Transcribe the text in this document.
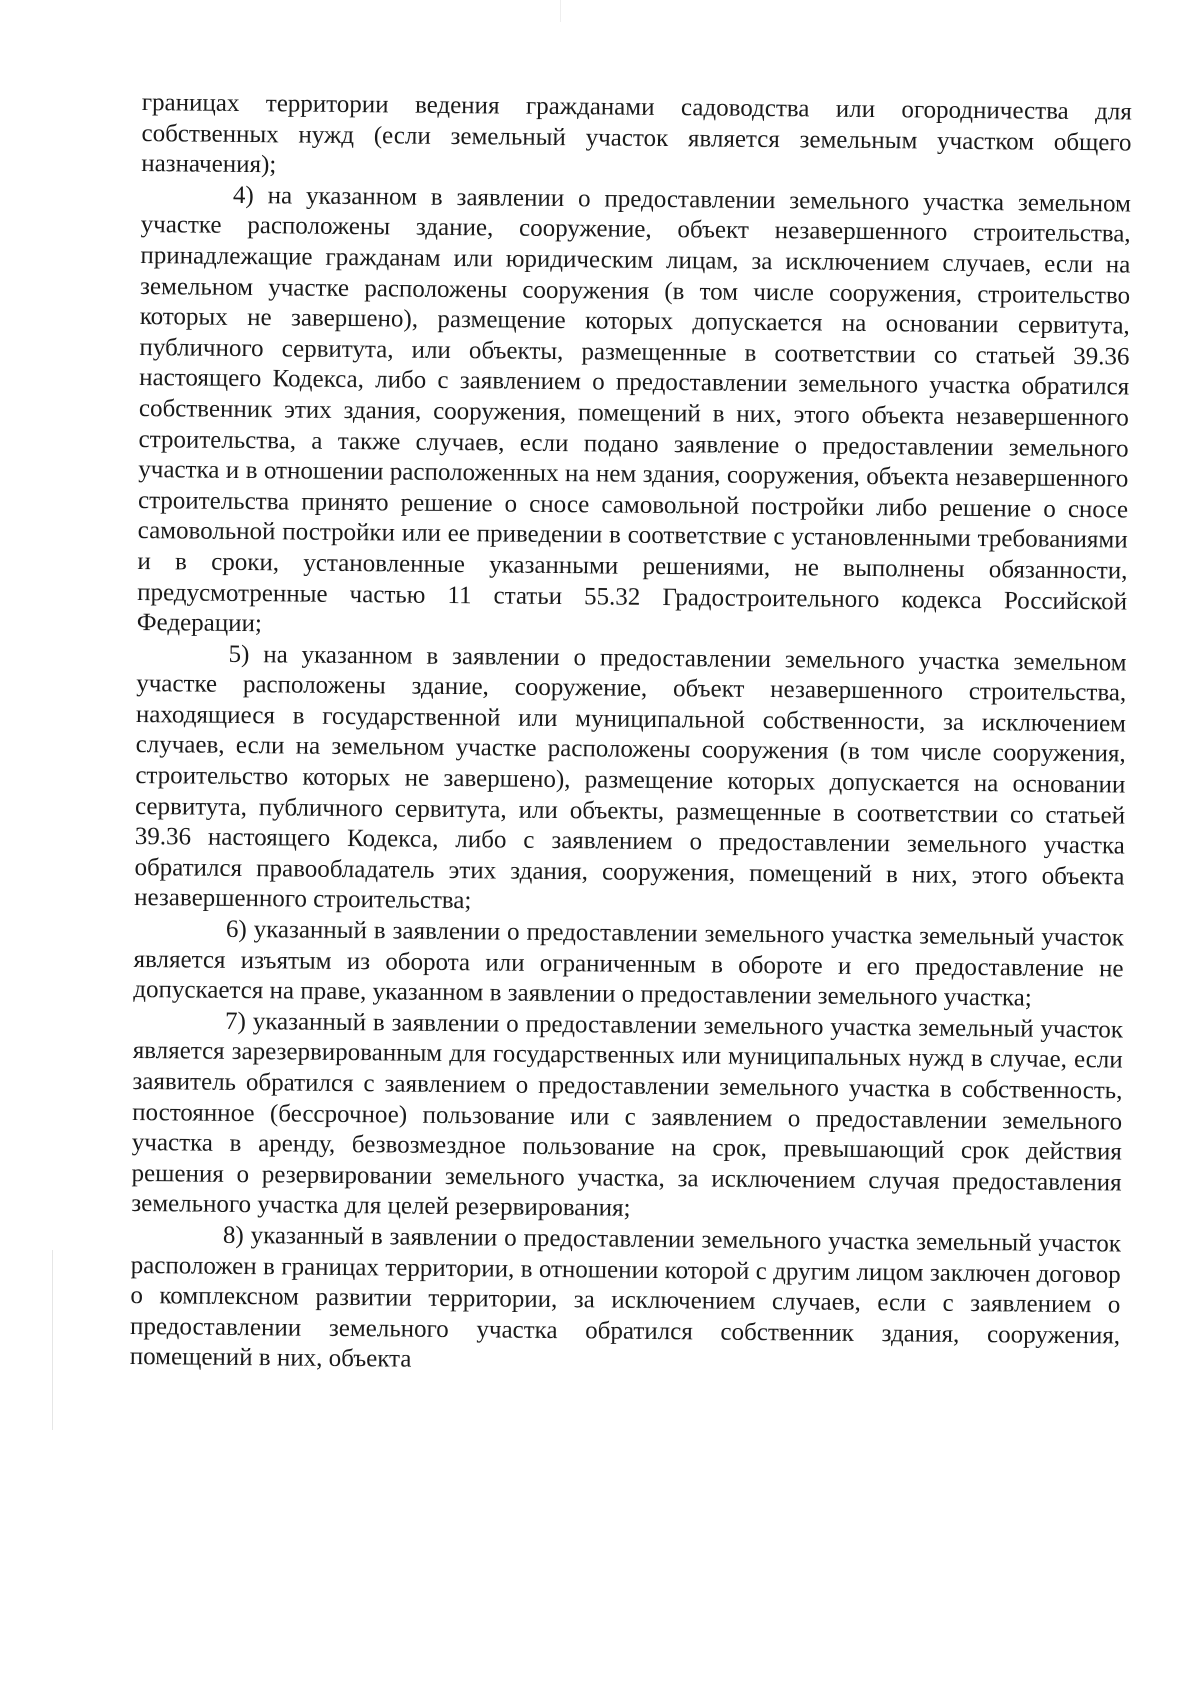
границах территории ведения гражданами садоводства или огородничества для собственных нужд (если земельный участок является земельным участком общего назначения);

4) на указанном в заявлении о предоставлении земельного участка земельном участке расположены здание, сооружение, объект незавершенного строительства, принадлежащие гражданам или юридическим лицам, за исключением случаев, если на земельном участке расположены сооружения (в том числе сооружения, строительство которых не завершено), размещение которых допускается на основании сервитута, публичного сервитута, или объекты, размещенные в соответствии со статьей 39.36 настоящего Кодекса, либо с заявлением о предоставлении земельного участка обратился собственник этих здания, сооружения, помещений в них, этого объекта незавершенного строительства, а также случаев, если подано заявление о предоставлении земельного участка и в отношении расположенных на нем здания, сооружения, объекта незавершенного строительства принято решение о сносе самовольной постройки либо решение о сносе самовольной постройки или ее приведении в соответствие с установленными требованиями и в сроки, установленные указанными решениями, не выполнены обязанности, предусмотренные частью 11 статьи 55.32 Градостроительного кодекса Российской Федерации;

5) на указанном в заявлении о предоставлении земельного участка земельном участке расположены здание, сооружение, объект незавершенного строительства, находящиеся в государственной или муниципальной собственности, за исключением случаев, если на земельном участке расположены сооружения (в том числе сооружения, строительство которых не завершено), размещение которых допускается на основании сервитута, публичного сервитута, или объекты, размещенные в соответствии со статьей 39.36 настоящего Кодекса, либо с заявлением о предоставлении земельного участка обратился правообладатель этих здания, сооружения, помещений в них, этого объекта незавершенного строительства;

6) указанный в заявлении о предоставлении земельного участка земельный участок является изъятым из оборота или ограниченным в обороте и его предоставление не допускается на праве, указанном в заявлении о предоставлении земельного участка;

7) указанный в заявлении о предоставлении земельного участка земельный участок является зарезервированным для государственных или муниципальных нужд в случае, если заявитель обратился с заявлением о предоставлении земельного участка в собственность, постоянное (бессрочное) пользование или с заявлением о предоставлении земельного участка в аренду, безвозмездное пользование на срок, превышающий срок действия решения о резервировании земельного участка, за исключением случая предоставления земельного участка для целей резервирования;

8) указанный в заявлении о предоставлении земельного участка земельный участок расположен в границах территории, в отношении которой с другим лицом заключен договор о комплексном развитии территории, за исключением случаев, если с заявлением о предоставлении земельного участка обратился собственник здания, сооружения, помещений в них, объекта
